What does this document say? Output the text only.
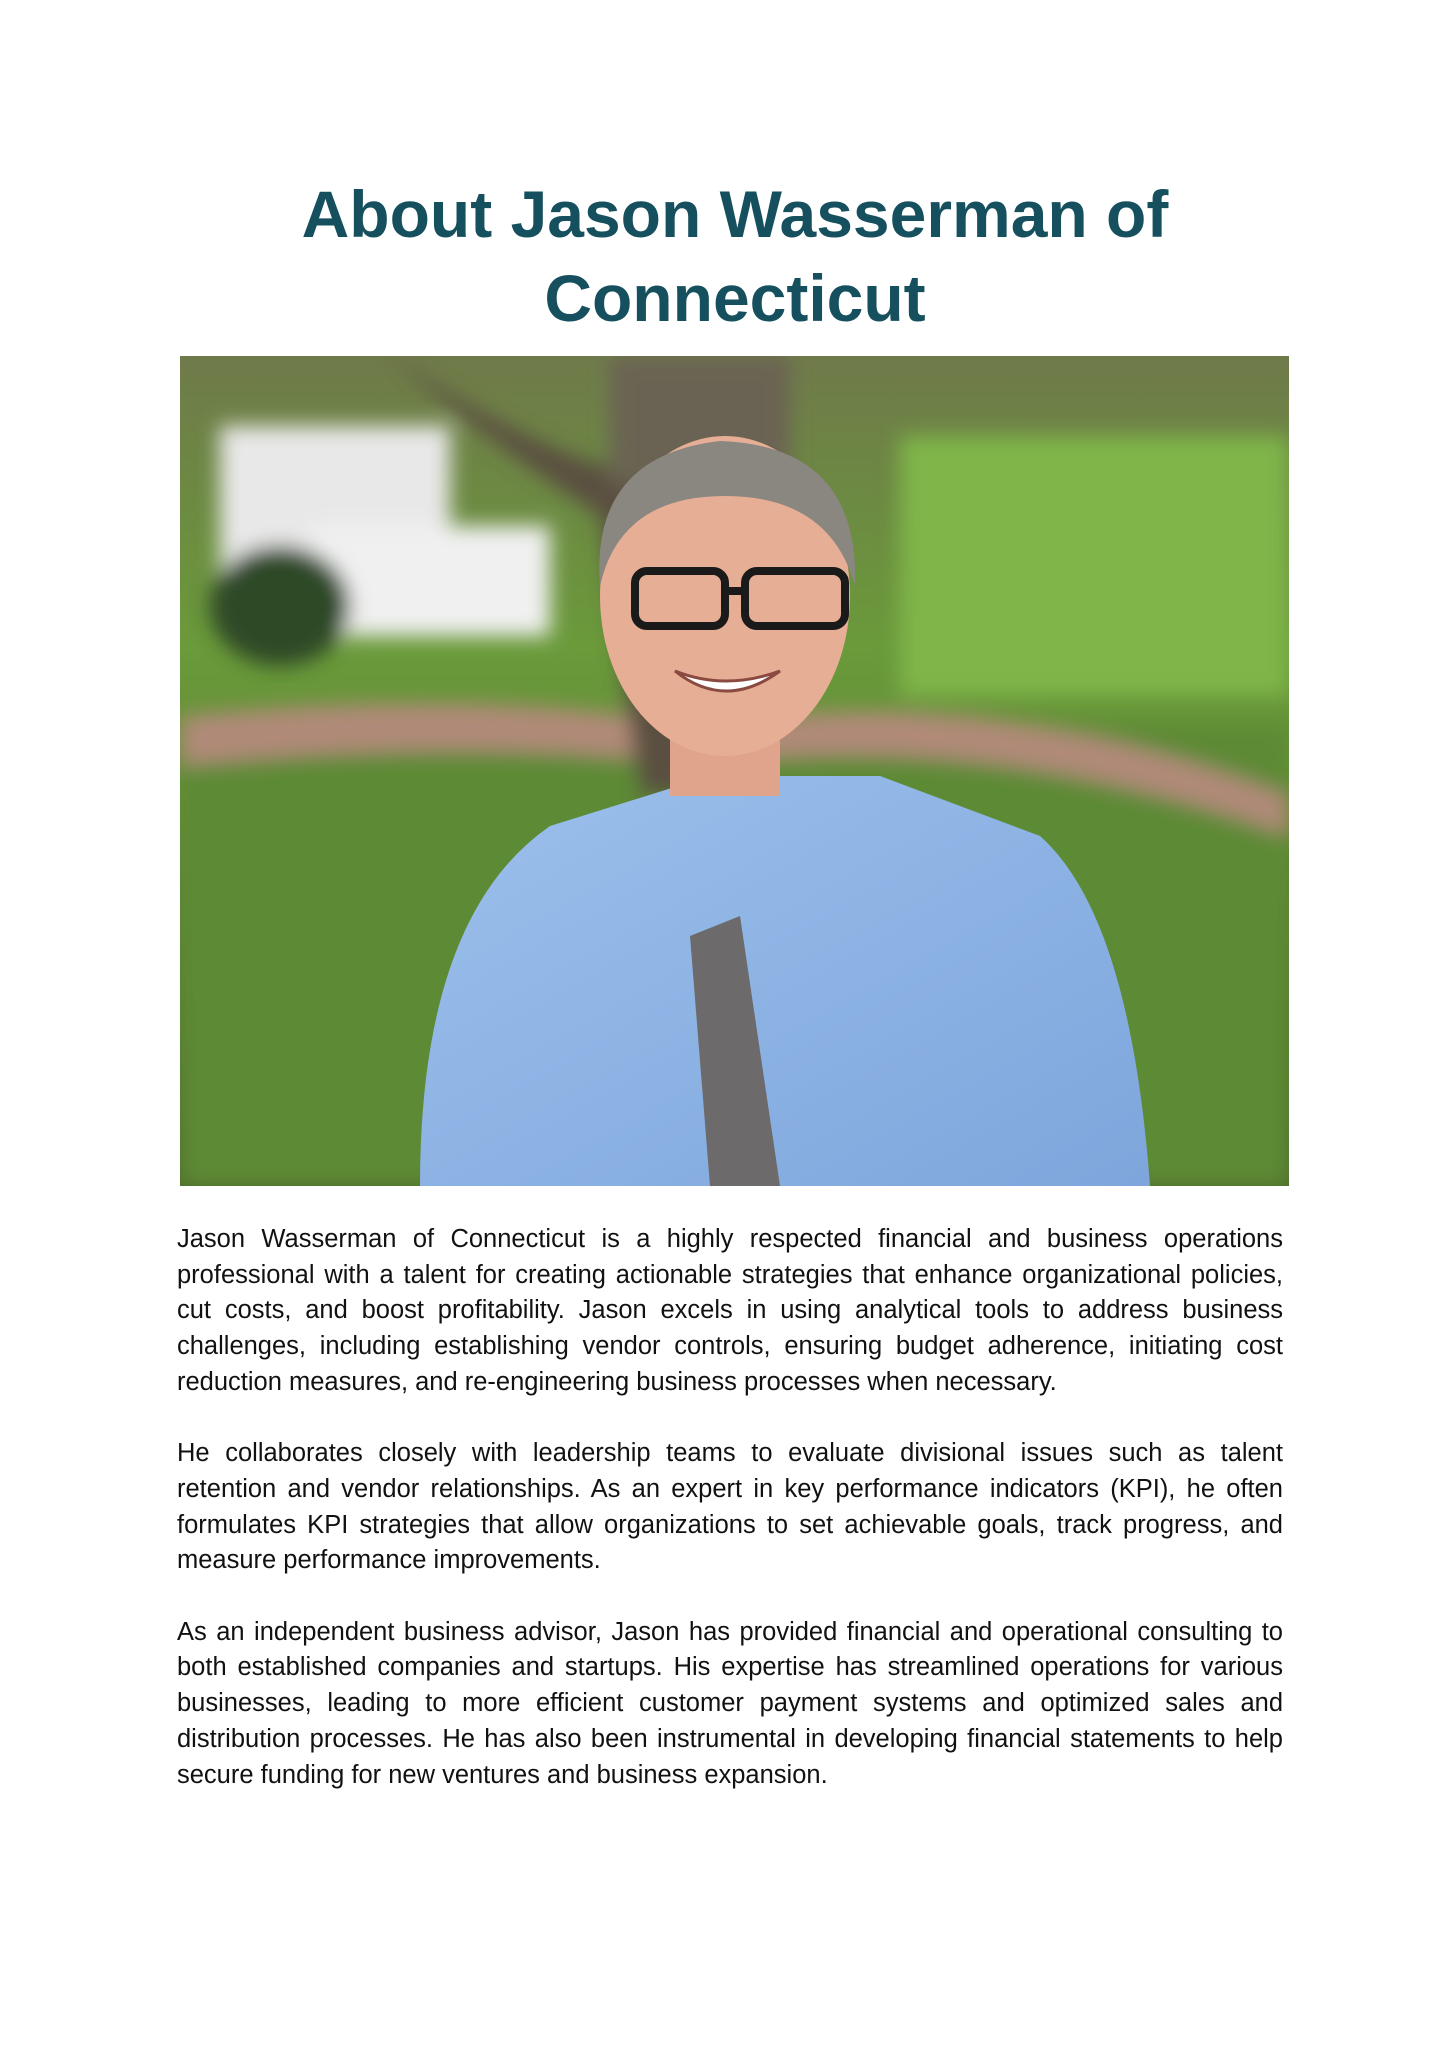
About Jason Wasserman of Connecticut

Jason Wasserman of Connecticut is a highly respected financial and business operations professional with a talent for creating actionable strategies that enhance organizational policies, cut costs, and boost profitability. Jason excels in using analytical tools to address business challenges, including establishing vendor controls, ensuring budget adherence, initiating cost reduction measures, and re-engineering business processes when necessary.

He collaborates closely with leadership teams to evaluate divisional issues such as talent retention and vendor relationships. As an expert in key performance indicators (KPI), he often formulates KPI strategies that allow organizations to set achievable goals, track progress, and measure performance improvements.

As an independent business advisor, Jason has provided financial and operational consulting to both established companies and startups. His expertise has streamlined operations for various businesses, leading to more efficient customer payment systems and optimized sales and distribution processes. He has also been instrumental in developing financial statements to help secure funding for new ventures and business expansion.
